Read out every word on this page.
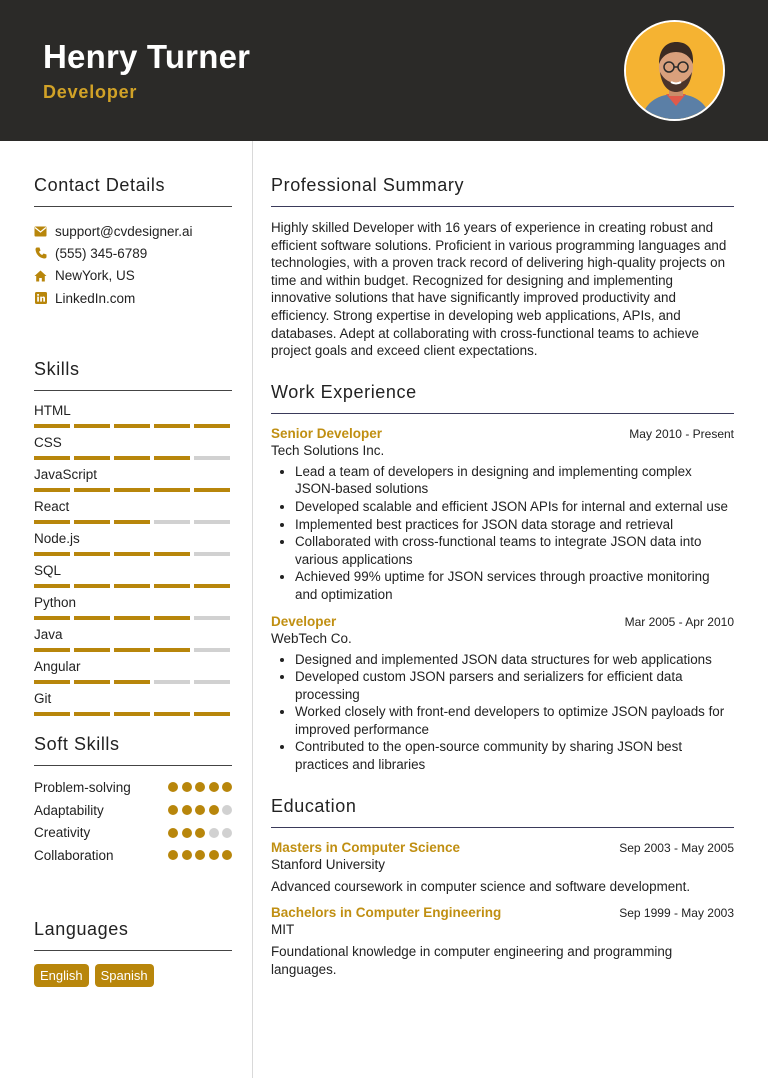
Henry Turner
Developer
Contact Details
support@cvdesigner.ai
(555) 345-6789
NewYork, US
LinkedIn.com
Skills
HTML
CSS
JavaScript
React
Node.js
SQL
Python
Java
Angular
Git
Soft Skills
Problem-solving
Adaptability
Creativity
Collaboration
Languages
English	Spanish
Professional Summary
Highly skilled Developer with 16 years of experience in creating robust and efficient software solutions. Proficient in various programming languages and technologies, with a proven track record of delivering high-quality projects on time and within budget. Recognized for designing and implementing innovative solutions that have significantly improved productivity and efficiency. Strong expertise in developing web applications, APIs, and databases. Adept at collaborating with cross-functional teams to achieve project goals and exceed client expectations.
Work Experience
Senior Developer	May 2010 - Present
Tech Solutions Inc.
• Lead a team of developers in designing and implementing complex JSON-based solutions
• Developed scalable and efficient JSON APIs for internal and external use
• Implemented best practices for JSON data storage and retrieval
• Collaborated with cross-functional teams to integrate JSON data into various applications
• Achieved 99% uptime for JSON services through proactive monitoring and optimization
Developer	Mar 2005 - Apr 2010
WebTech Co.
• Designed and implemented JSON data structures for web applications
• Developed custom JSON parsers and serializers for efficient data processing
• Worked closely with front-end developers to optimize JSON payloads for improved performance
• Contributed to the open-source community by sharing JSON best practices and libraries
Education
Masters in Computer Science	Sep 2003 - May 2005
Stanford University
Advanced coursework in computer science and software development.
Bachelors in Computer Engineering	Sep 1999 - May 2003
MIT
Foundational knowledge in computer engineering and programming languages.
